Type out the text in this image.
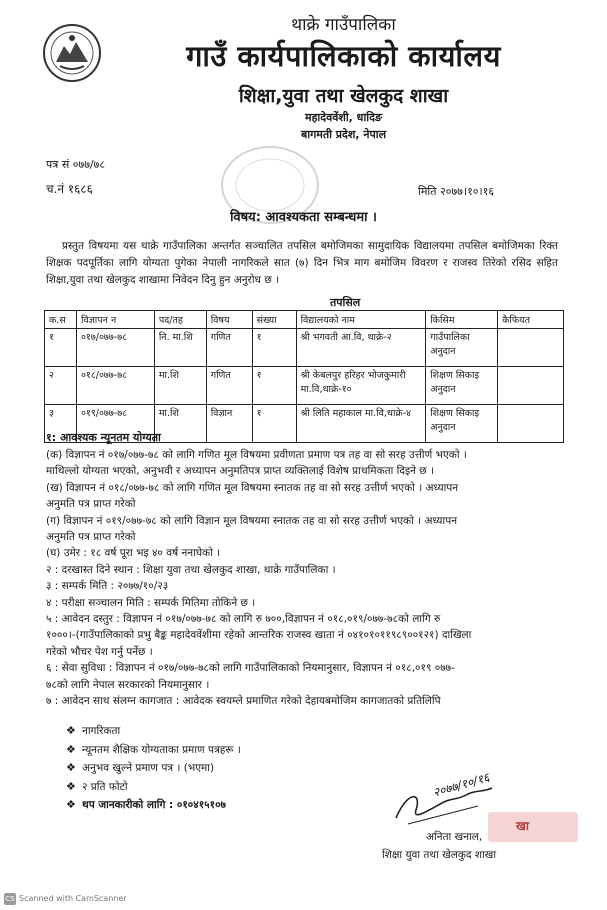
थाक्रे गाउँपालिका
गाउँ कार्यपालिकाको कार्यालय
शिक्षा,युवा तथा खेलकुद शाखा
महादेववेंशी, धादिङ
बागमती प्रदेश, नेपाल
पत्र सं ०७७/७८
च.नं १६८६	मिति २०७७।१०।१६
विषय: आवश्यकता सम्बन्धमा ।
प्रस्तुत विषयमा यस थाक्रे गाउँपालिका अन्तर्गत सञ्चालित तपसिल बमोजिमका सामुदायिक विद्यालयमा तपसिल बमोजिमका रिक्त शिक्षक पदपूर्तिका लागि योग्यता पुगेका नेपाली नागरिकले सात (७) दिन भित्र माग बमोजिम विवरण र राजस्व तिरेको रसिद सहित शिक्षा,युवा तथा खेलकुद शाखामा निवेदन दिनु हुन अनुरोध छ ।
तपसिल
क.स	विज्ञापन न	पद/तह	विषय	संख्या	विद्यालयको नाम	किसिम	कैफियत
१	०१७/०७७-७८	नि. मा.शि	गणित	१	श्री भगवती आ.वि, थाक्रे-२	गाउँपालिका अनुदान	
२	०१८/०७७-७८	मा.शि	गणित	१	श्री केबलपुर हरिहर भोजकुमारी मा.वि,थाक्रे-१०	शिक्षण सिकाइ अनुदान	
३	०१९/०७७-७८	मा.शि	विज्ञान	१	श्री लिति महाकाल मा.वि,थाक्रे-४	शिक्षण सिकाइ अनुदान	
१: आवश्यक न्यूनतम योग्यता

(क) विज्ञापन नं ०१७/०७७-७८ को लागि गणित मूल विषयमा प्रवीणता प्रमाण पत्र तह वा सो सरह उत्तीर्ण भएको ।

माथिल्लो योग्यता भएको, अनुभवी र अध्यापन अनुमतिपत्र प्राप्त व्यक्तिलाई विशेष प्राथमिकता दिइने छ ।

(ख) विज्ञापन नं ०१८/०७७-७८ को लागि गणित मूल विषयमा स्नातक तह वा सो सरह उत्तीर्ण भएको । अध्यापन

अनुमति पत्र प्राप्त गरेको

(ग) विज्ञापन नं ०१९/०७७-७८ को लागि विज्ञान मूल विषयमा स्नातक तह वा सो सरह उत्तीर्ण भएको । अध्यापन

अनुमति पत्र प्राप्त गरेको

(घ) उमेर : १८ वर्ष पूरा भइ ४० वर्ष ननाघेको ।

२ : दरखास्त दिने स्थान : शिक्षा युवा तथा खेलकुद शाखा, थाक्रे गाउँपालिका ।

३ : सम्पर्क मिति : २०७७/१०/२३

४ : परीक्षा सञ्चालन मिति : सम्पर्क मितिमा तोकिने छ ।

५ : आवेदन दस्तुर : विज्ञापन नं ०१७/०७७-७८ को लागि रु ७००,विज्ञापन नं ०१८,०१९/०७७-७८को लागि रु

१०००।-(गाउँपालिकाको प्रभु बैङ्क महादेववेंशीमा रहेको आन्तरिक राजस्व खाता नं ०४१०१०११९८९००१२१) दाखिला

गरेको भौचर पेश गर्नु पर्नेछ ।

६ : सेवा सुविधा : विज्ञापन नं ०१७/०७७-७८को लागि गाउँपालिकाको नियमानुसार, विज्ञापन नं ०१८,०१९ ०७७-

७८को लागि नेपाल सरकारको नियमानुसार ।

७ : आवेदन साथ संलग्न कागजात : आवेदक स्वयम्ले प्रमाणित गरेको देहायबमोजिम कागजातको प्रतिलिपि

❖ नागरिकता
❖ न्यूनतम शैक्षिक योग्यताका प्रमाण पत्रहरू ।
❖ अनुभव खुल्ने प्रमाण पत्र । (भएमा)
❖ २ प्रति फोटो
❖ थप जानकारीको लागि : ०१०४१५१०७
२०७७/१०/१६
खा
अनिता खनाल,
शिक्षा युवा तथा खेलकुद शाखा
CS Scanned with CamScanner
